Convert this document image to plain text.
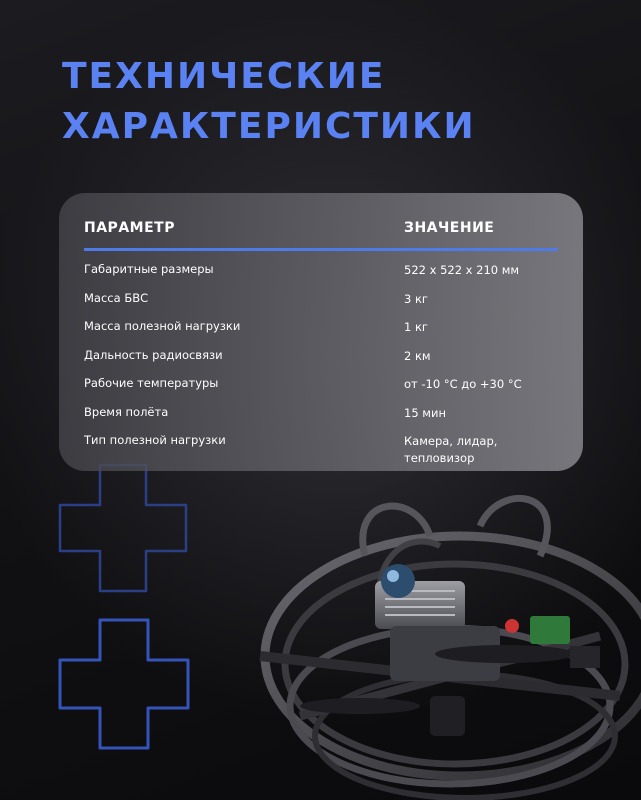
ТЕХНИЧЕСКИЕ
ХАРАКТЕРИСТИКИ
ПАРАМЕТР	ЗНАЧЕНИЕ
Габаритные размеры	522 x 522 x 210 мм
Масса БВС	3 кг
Масса полезной нагрузки	1 кг
Дальность радиосвязи	2 км
Рабочие температуры	от -10 °С до +30 °С
Время полёта	15 мин
Тип полезной нагрузки	Камера, лидар, тепловизор
